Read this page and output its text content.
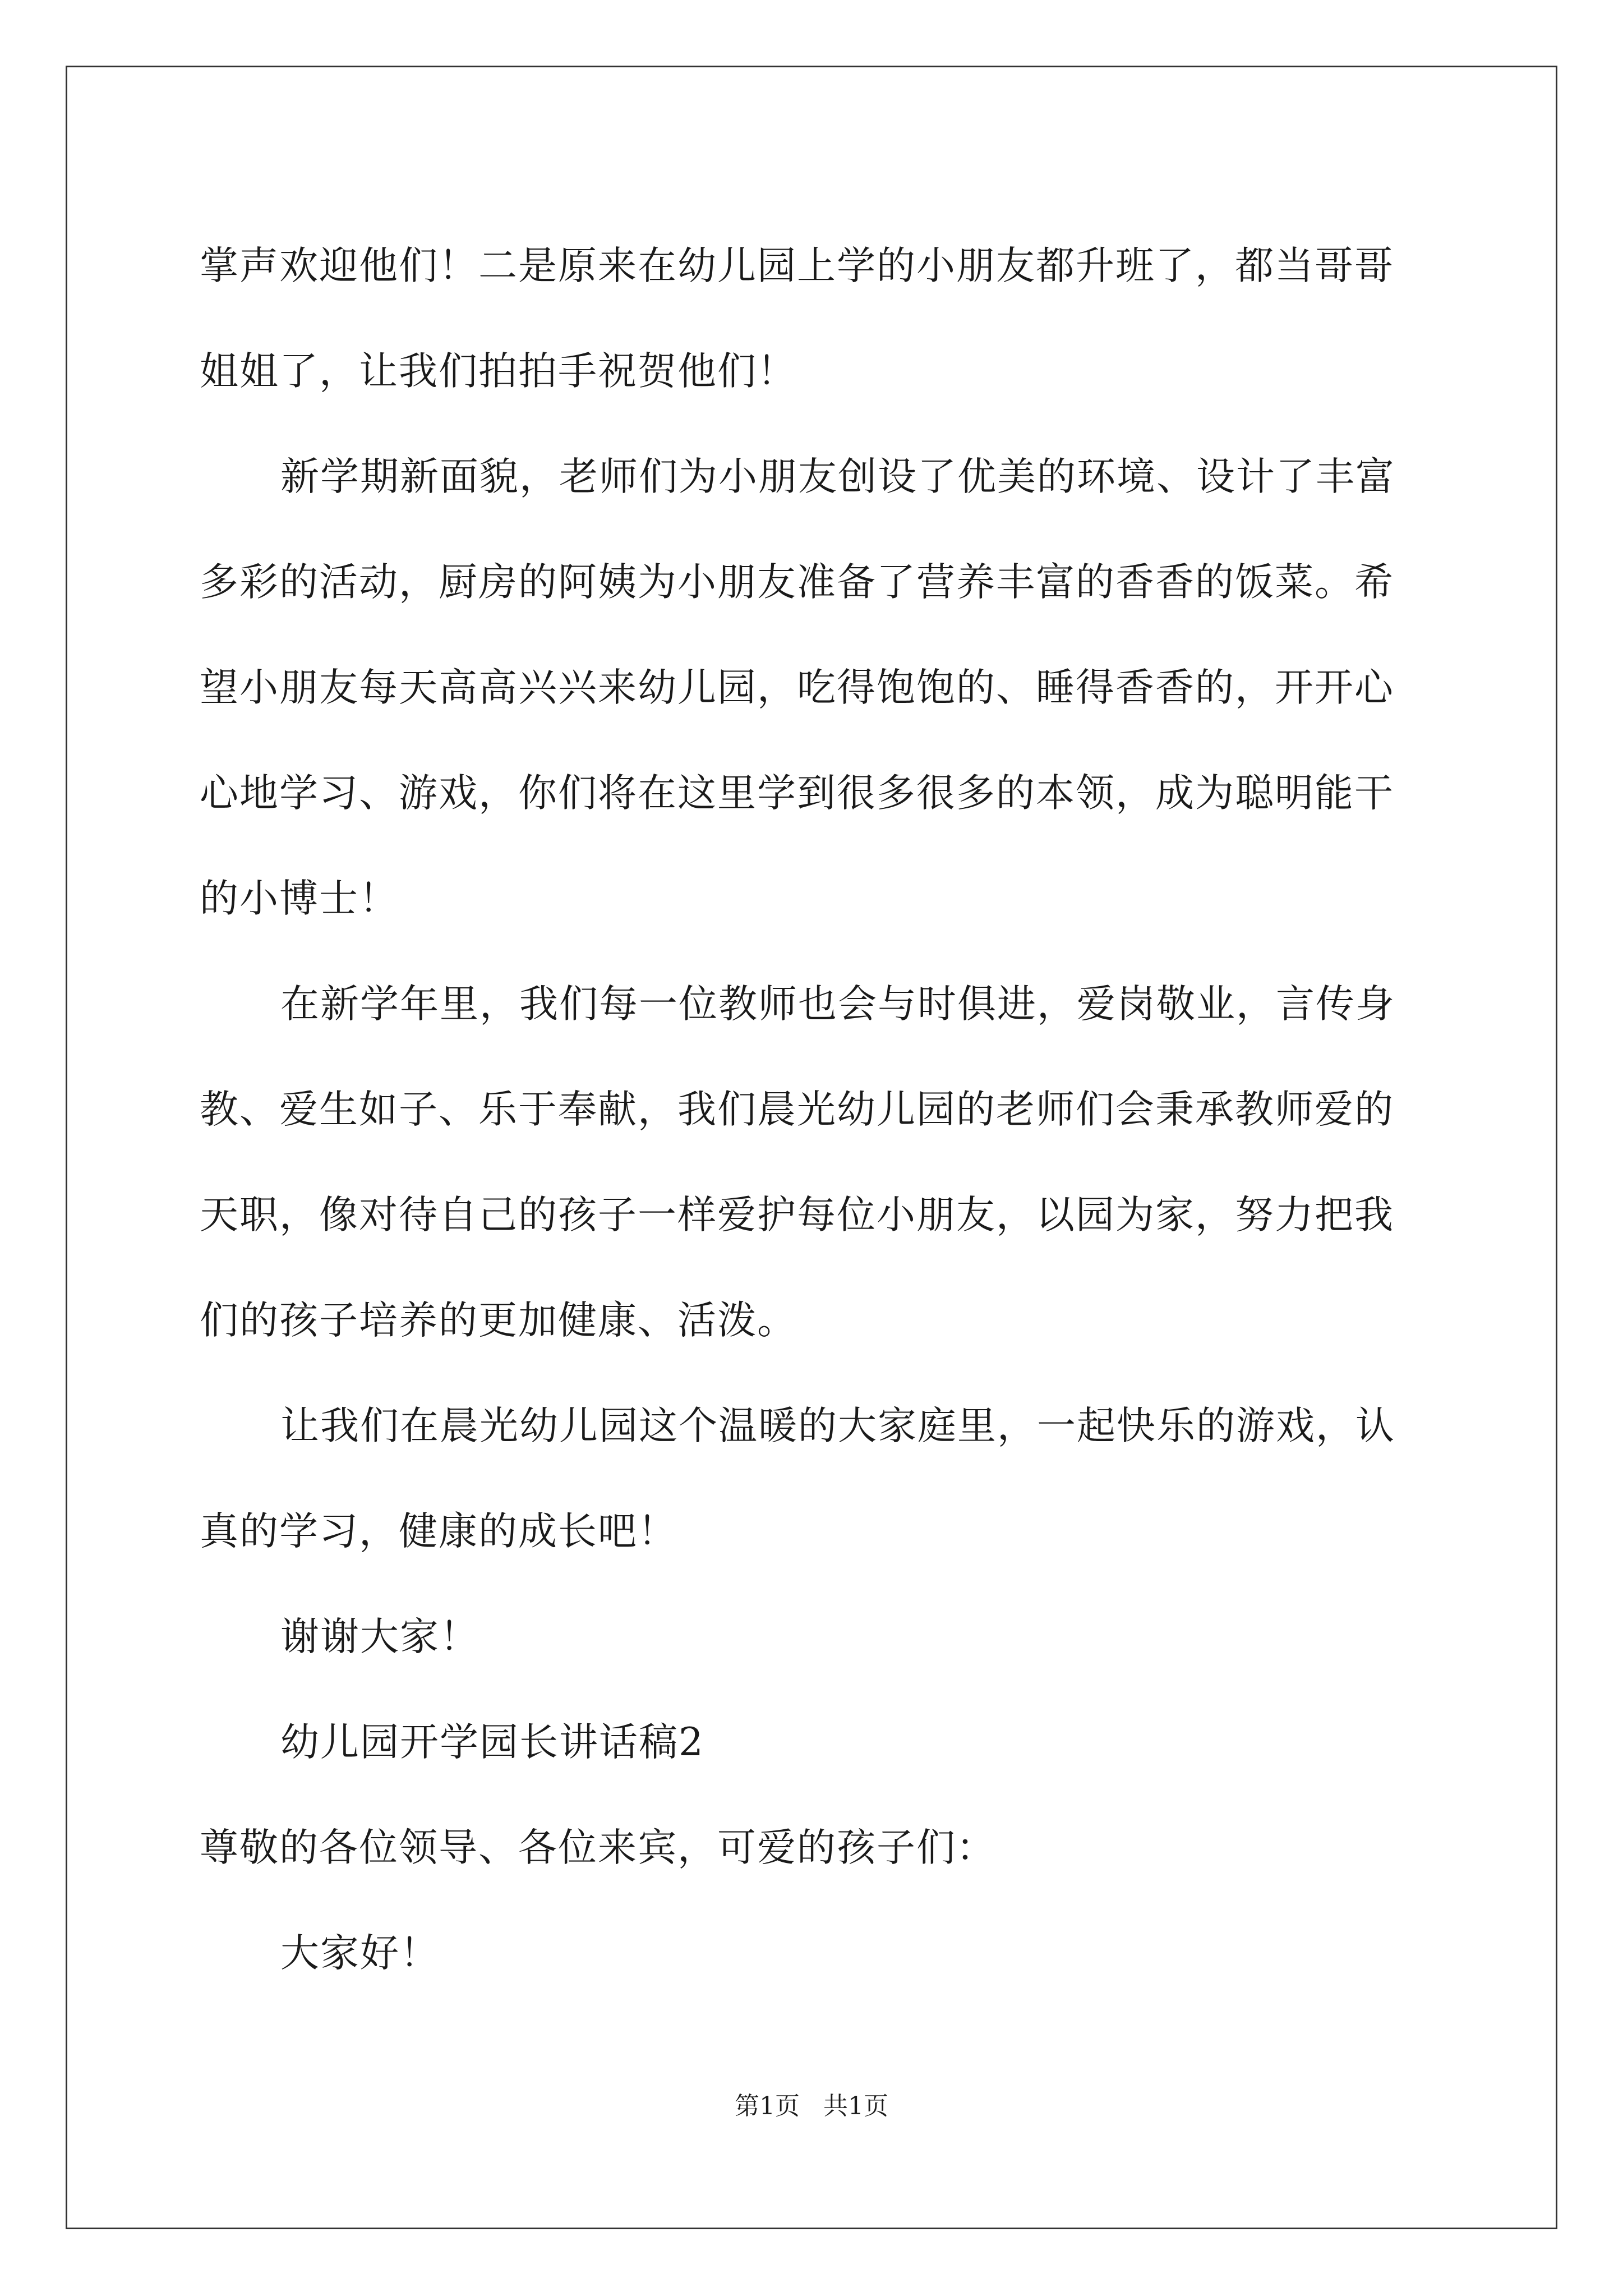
掌声欢迎他们！二是原来在幼儿园上学的小朋友都升班了，都当哥哥
姐姐了，让我们拍拍手祝贺他们！
新学期新面貌，老师们为小朋友创设了优美的环境、设计了丰富
多彩的活动，厨房的阿姨为小朋友准备了营养丰富的香香的饭菜。希
望小朋友每天高高兴兴来幼儿园，吃得饱饱的、睡得香香的，开开心
心地学习、游戏，你们将在这里学到很多很多的本领，成为聪明能干
的小博士！
在新学年里，我们每一位教师也会与时俱进，爱岗敬业，言传身
教、爱生如子、乐于奉献，我们晨光幼儿园的老师们会秉承教师爱的
天职，像对待自己的孩子一样爱护每位小朋友，以园为家，努力把我
们的孩子培养的更加健康、活泼。
让我们在晨光幼儿园这个温暖的大家庭里，一起快乐的游戏，认
真的学习，健康的成长吧！
谢谢大家！
幼儿园开学园长讲话稿2
尊敬的各位领导、各位来宾，可爱的孩子们：
大家好！
第1页   共1页
